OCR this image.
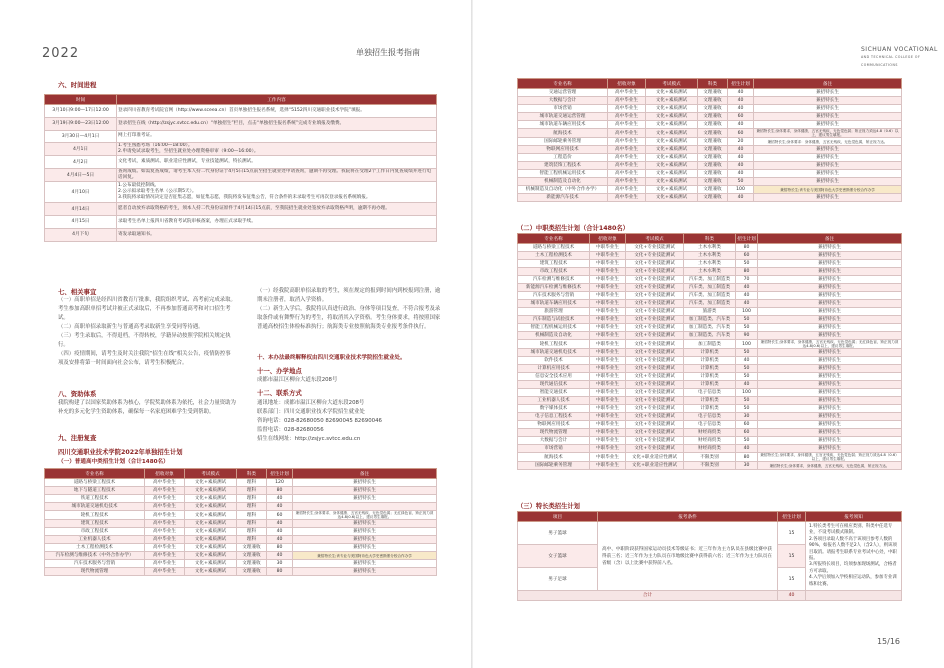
2022	单独招生报考指南
六、时间进程
时间	工作内容
3月10日9:00—17日12:00	登录四川省教育考试院官网（http://www.sceea.cn）首页单独招生报名系统，选择“5152四川交通职业技术学院”填报。
3月19日9:00—23日12:00	登录招生在线（http://zsjyc.svtcc.edu.cn）“单独招生”栏目，点击“单独招生报名系统”完成专业填报及缴费。
3月30日—4月1日	网上打印准考证。
4月1日	1.考生熟悉考场（16:00—18:00）。
2.申请免试录取考生，至招生就业处办理资格审审（9:00—16:00）。
4月2日	文化考试，素质测试、职业适应性测试，专业技能测试，特长测试。
4月4日—5日	查询成绩。如需复查成绩，请考生本人持二代身份证于4月5日15点前至招生就业处申请查询，逾期不再受理。我院将在受理2个工作日内复查成绩并进行电话回复。
4月10日	1.公布最低控制线。
2.公示拟录取考生名单（公示期5天）。
3.我院将录取情况决定是否征集志愿，如征集志愿，我院将发布征集公告，符合条件的未录取考生可再次登录报名系统填报。
4月14日	愿者自动放弃录取资格的考生，须本人持二代身份证原件于4月14日15点前，至我院招生就业处签放弃录取资格声明，逾期不再办理。
4月15日	录取考生名单上报四川省教育考试院审核备案，办理正式录取手续。
4月下旬	寄发录取通知书。
七、相关事宜

（一）高职单招是经四川省教育厅批准，我院组织考试、高考前完成录取。考生参加高职单招考试并被正式录取后，不再参加普通高考和对口招生考试。

（二）高职单招录取新生与普通高考录取新生享受同等待遇。

（三）考生录取后，不得退档，不得转校，学籍异动按照学院相关规定执行。

（四）疫情期间，请考生及时关注我院“招生在线”相关公告，疫情防控事项及安排将第一时间面向社会公布，请考生积极配合。

八、资助体系
我院构建了以国家奖助体系为核心，学院奖助体系为依托，社会力量资助为补充的多元化学生资助体系，确保每一名家庭困难学生受到帮助。
九、注册复查

（一）经我院高职单招录取的考生，须在规定的报到时间内到校报到注册，逾期未注册者，取消入学资格。

（二）新生入学后，我院将认真进行政治、身体等项目复查，不符合报考及录取条件或有舞弊行为的考生，将取消其入学资格。考生身体要求，将按照国家普通高校招生体检标准执行；航海类专业按照航海类专业报考条件执行。

十、本办法最终解释权由四川交通职业技术学院招生就业处。
十一、办学地点
成都市温江区柳台大道东段208号
十二、联系方式

通讯地址：成都市温江区柳台大道东段208号

联系部门：四川交通职业技术学院招生就业处

咨询电话：028-82680050 82690045 82690046

监督电话：028-82680056

招生在线网址：http://zsjyc.svtcc.edu.cn

四川交通职业技术学院2022年单独招生计划
（一）普通高中类招生计划（合计1480名）
专业名称	招收对象	考试模式	科类	招生计划	备注
道路与桥梁工程技术	高中毕业生	文化+素质测试	理科	120	兼招特长生
地下与隧道工程技术	高中毕业生	文化+素质测试	理科	80	兼招特长生
铁道工程技术	高中毕业生	文化+素质测试	理科	40	兼招特长生
城市轨道交通机电技术	高中毕业生	文化+素质测试	理科	40	
轮机工程技术	高中毕业生	文化+素质测试	理科	60	兼招特长生;身体要求、身体健康、五官无残疾，无色觉色弱；无红绿色盲，矫正视力须达4.8(0.6)以上，建议男生填报。
建筑工程技术	高中毕业生	文化+素质测试	理科	40	兼招特长生
市政工程技术	高中毕业生	文化+素质测试	理科	40	兼招特长生
工业机器人技术	高中毕业生	文化+素质测试	理科	40	兼招特长生
土木工程检测技术	高中毕业生	文化+素质测试	文理兼收	80	兼招特长生
汽车检测与维修技术（中外合作办学）	高中毕业生	文化+素质测试	文理兼收	40	兼招特长生;该专业与美国阿肯色大学史密斯堡分校合作办学
汽车技术服务与营销	高中毕业生	文化+素质测试	文理兼收	30	兼招特长生
现代物流管理	高中毕业生	文化+素质测试	文理兼收	80	兼招特长生
SICHUAN VOCATIONAL
AND TECHNICAL COLLEGE OF COMMUNICATIONS
专业名称	招收对象	考试模式	科类	招生计划	备注
交通运营管理	高中毕业生	文化+素质测试	文理兼收	40	兼招特长生
大数据与会计	高中毕业生	文化+素质测试	文理兼收	40	兼招特长生
市场营销	高中毕业生	文化+素质测试	文理兼收	40	兼招特长生
城市轨道交通运营管理	高中毕业生	文化+素质测试	文理兼收	60	兼招特长生
城市轨道车辆应用技术	高中毕业生	文化+素质测试	文理兼收	40	兼招特长生
航海技术	高中毕业生	文化+素质测试	文理兼收	60	兼招特长生;身体要求，身体健康，五官无残疾，无色觉色弱；矫正视力须达4.8（0.6）以上，建议男生填报。
国际邮轮乘务管理	高中毕业生	文化+素质测试	文理兼收	20	兼招特长生;身体要求：身体健康，五官无残疾，无色觉色弱，矫正视力达。
物联网应用技术	高中毕业生	文化+素质测试	文理兼收	40	兼招特长生
工程造价	高中毕业生	文化+素质测试	文理兼收	40	兼招特长生
建筑装饰工程技术	高中毕业生	文化+素质测试	文理兼收	40	兼招特长生
智能工程机械运用技术	高中毕业生	文化+素质测试	文理兼收	40	兼招特长生
机械制造及自动化	高中毕业生	文化+素质测试	文理兼收	50	兼招特长生
机械制造及自动化（中外合作办学）	高中毕业生	文化+素质测试	文理兼收	100	兼招特长生;该专业与美国阿肯色大学史密斯堡分校合作办学
新能源汽车技术	高中毕业生	文化+素质测试	文理兼收	40	兼招特长生
（二）中职类招生计划（合计1480名）
专业名称	招收对象	考试模式	科类	招生计划	备注
道路与桥梁工程技术	中职毕业生	文化+专业技能测试	土木水利类	80	兼招特长生
土木工程检测技术	中职毕业生	文化+专业技能测试	土木水利类	60	兼招特长生
建筑工程技术	中职毕业生	文化+专业技能测试	土木水利类	50	兼招特长生
市政工程技术	中职毕业生	文化+专业技能测试	土木水利类	80	兼招特长生
汽车检测与维修技术	中职毕业生	文化+专业技能测试	汽车类、加工制造类	70	兼招特长生
新能源汽车检测与维修技术	中职毕业生	文化+专业技能测试	汽车类、加工制造类	40	兼招特长生
汽车技术服务与营销	中职毕业生	文化+专业技能测试	汽车类、加工制造类	40	兼招特长生
城市轨道车辆应用技术	中职毕业生	文化+专业技能测试	汽车类、加工制造类	40	兼招特长生
旅游管理	中职毕业生	文化+专业技能测试	旅游类	100	兼招特长生
汽车制造与试验技术	中职毕业生	文化+专业技能测试	加工制造类、汽车类	50	兼招特长生
智能工程机械运用技术	中职毕业生	文化+专业技能测试	加工制造类、汽车类	50	兼招特长生
机械制造及自动化	中职毕业生	文化+专业技能测试	加工制造类、汽车类	90	兼招特长生
轮机工程技术	中职毕业生	文化+专业技能测试	加工制造类	100	兼招特长生;身体要求，身体健康，五官无残疾，无色觉色弱；无红绿色盲，矫正视力须达4.8(0.6)以上，建议男生填报。
城市轨道交通机电技术	中职毕业生	文化+专业技能测试	计算机类	50	兼招特长生
软件技术	中职毕业生	文化+专业技能测试	计算机类	40	兼招特长生
计算机应用技术	中职毕业生	文化+专业技能测试	计算机类	50	兼招特长生
信息安全技术应用	中职毕业生	文化+专业技能测试	计算机类	50	兼招特长生
现代通信技术	中职毕业生	文化+专业技能测试	计算机类	40	兼招特长生
智能交通技术	中职毕业生	文化+专业技能测试	电子信息类	100	兼招特长生
工业机器人技术	中职毕业生	文化+专业技能测试	计算机类	50	兼招特长生
数字媒体技术	中职毕业生	文化+专业技能测试	计算机类	50	兼招特长生
电子信息工程技术	中职毕业生	文化+专业技能测试	电子信息类	30	兼招特长生
物联网应用技术	中职毕业生	文化+专业技能测试	电子信息类	60	兼招特长生
现代物流管理	中职毕业生	文化+专业技能测试	财经商贸类	60	兼招特长生
大数据与会计	中职毕业生	文化+专业技能测试	财经商贸类	50	兼招特长生
市场营销	中职毕业生	文化+专业技能测试	财经商贸类	40	兼招特长生
航海技术	中职毕业生	文化+职业适应性测试	不限类别	80	兼招特长生;身体要求，身体健康，五官无残疾，无色觉色弱；矫正视力须达4.8（0.6）以上，建议男生填报。
国际邮轮乘务管理	中职毕业生	文化+职业适应性测试	不限类别	30	兼招特长生;身体要求，身体健康，五官无残疾，无色觉色弱，矫正视力达。
（三）特长类招生计划
项目	报考条件	招生计划	报考须知
男子篮球	高中、中职阶段获得国家运动员技术等级证书；近三年作为主力队员在县级比赛中获得前三名；近三年作为主力队员在市地级比赛中获得前六名；近三年作为主力队员在省级（含）以上比赛中获得前八名。	15	1.特长类考生可在相应类别、科类中任选专业，不设考试模式限制。
2.各项目录取人数不高于该项目参考人数的90%，如报名人数不足2人（含2人），则该项目取消。请报考生联系专业考试中心处，中职报。
3.所报特长项目，均须参加现场测试，合格者方可录取。
4.入学后须加入学校相应运动队，参加专业训练和比赛。
女子篮球		15	
男子足球		15	
合计		40	
15/16
